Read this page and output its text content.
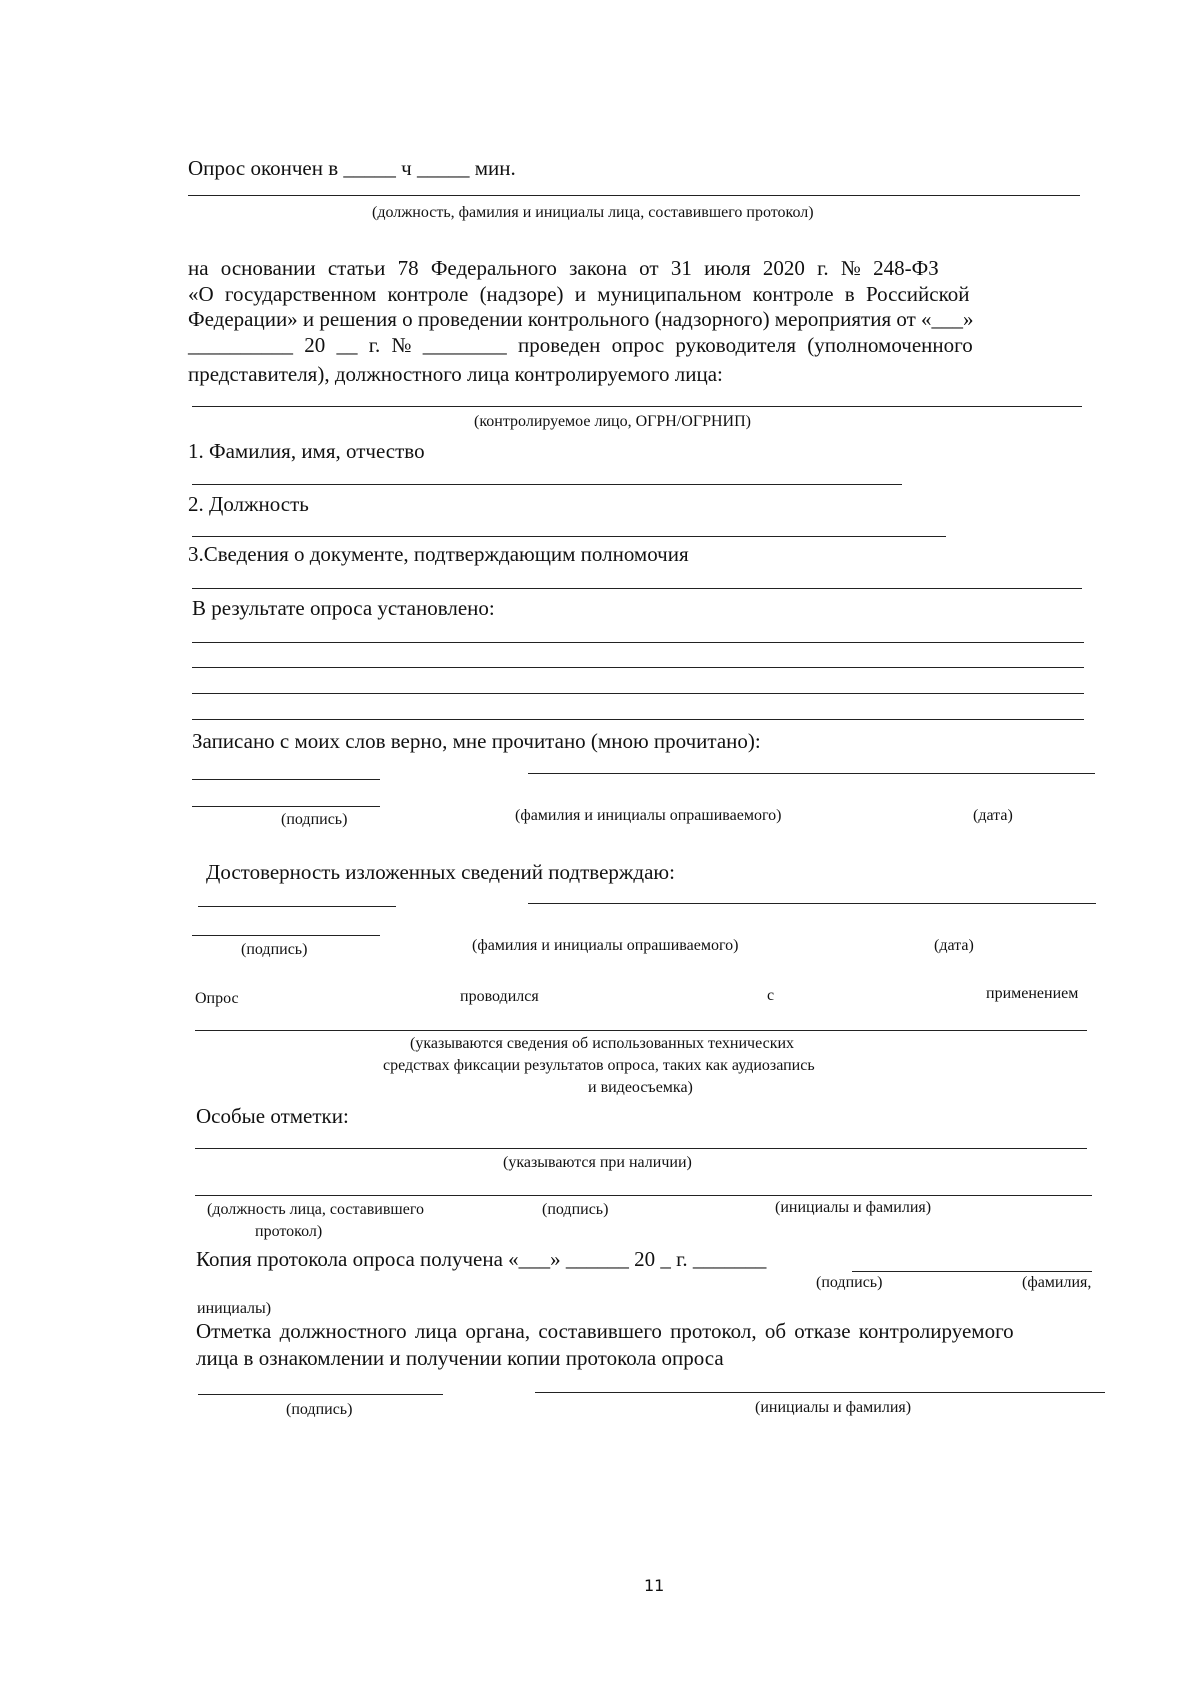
Опрос окончен в _____ ч _____ мин.
(должность, фамилия и инициалы лица, составившего протокол)
на основании статьи 78 Федерального закона от 31 июля 2020 г. № 248-ФЗ
«О государственном контроле (надзоре) и муниципальном контроле в Российской
Федерации» и решения о проведении контрольного (надзорного) мероприятия от «___»
__________ 20 __ г. № ________ проведен опрос руководителя (уполномоченного
представителя), должностного лица контролируемого лица:
(контролируемое лицо, ОГРН/ОГРНИП)
1. Фамилия, имя, отчество
2. Должность
3.Сведения о документе, подтверждающим полномочия
В результате опроса установлено:
Записано с моих слов верно, мне прочитано (мною прочитано):
(подпись)	(фамилия и инициалы опрашиваемого)	(дата)
Достоверность изложенных сведений подтверждаю:
(подпись)	(фамилия и инициалы опрашиваемого)	(дата)
Опрос	проводился	с	применением
(указываются сведения об использованных технических
средствах фиксации результатов опроса, таких как аудиозапись
и видеосъемка)
Особые отметки:
(указываются при наличии)
(должность лица, составившего
протокол)
(подпись)	(инициалы и фамилия)
Копия протокола опроса получена «___» ______ 20 _ г. _______
(подпись)	(фамилия,
инициалы)
Отметка должностного лица органа, составившего протокол, об отказе контролируемого
лица в ознакомлении и получении копии протокола опроса
(подпись)	(инициалы и фамилия)
11
